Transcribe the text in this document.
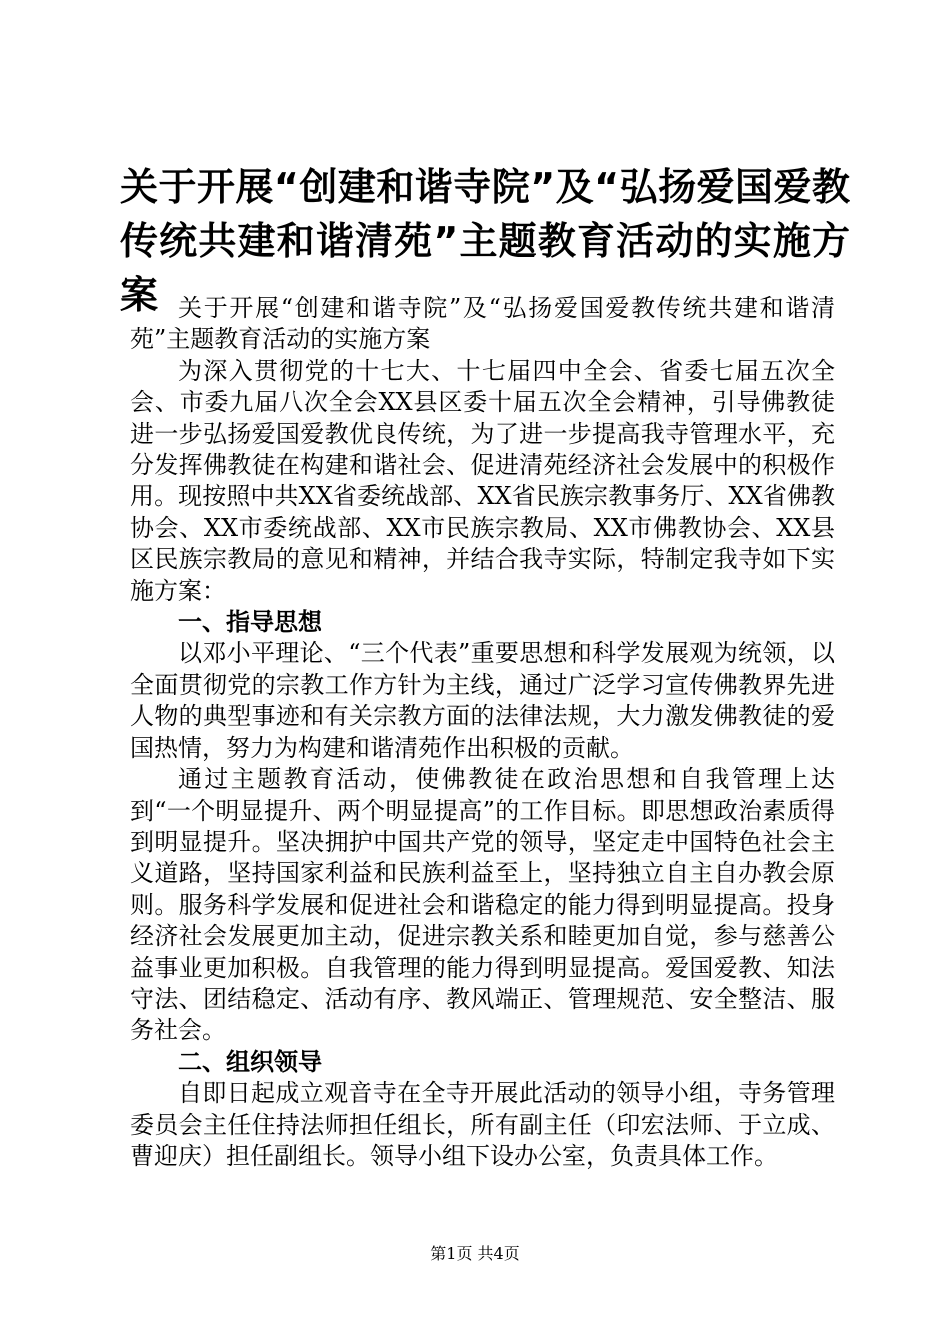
关于开展“创建和谐寺院”及“弘扬爱国爱教传统共建和谐清苑”主题教育活动的实施方案 关于开展“创建和谐寺院”及“弘扬爱国爱教传统共建和谐清苑”主题教育活动的实施方案

为深入贯彻党的十七大、十七届四中全会、省委七届五次全会、市委九届八次全会XX县区委十届五次全会精神，引导佛教徒进一步弘扬爱国爱教优良传统，为了进一步提高我寺管理水平，充分发挥佛教徒在构建和谐社会、促进清苑经济社会发展中的积极作用。现按照中共XX省委统战部、XX省民族宗教事务厅、XX省佛教协会、XX市委统战部、XX市民族宗教局、XX市佛教协会、XX县区民族宗教局的意见和精神，并结合我寺实际，特制定我寺如下实施方案：

一、指导思想

以邓小平理论、“三个代表”重要思想和科学发展观为统领，以全面贯彻党的宗教工作方针为主线，通过广泛学习宣传佛教界先进人物的典型事迹和有关宗教方面的法律法规，大力激发佛教徒的爱国热情，努力为构建和谐清苑作出积极的贡献。

通过主题教育活动，使佛教徒在政治思想和自我管理上达到“一个明显提升、两个明显提高”的工作目标。即思想政治素质得到明显提升。坚决拥护中国共产党的领导，坚定走中国特色社会主义道路，坚持国家利益和民族利益至上，坚持独立自主自办教会原则。服务科学发展和促进社会和谐稳定的能力得到明显提高。投身经济社会发展更加主动，促进宗教关系和睦更加自觉，参与慈善公益事业更加积极。自我管理的能力得到明显提高。爱国爱教、知法守法、团结稳定、活动有序、教风端正、管理规范、安全整洁、服务社会。

二、组织领导

自即日起成立观音寺在全寺开展此活动的领导小组，寺务管理委员会主任住持法师担任组长，所有副主任（印宏法师、于立成、曹迎庆）担任副组长。领导小组下设办公室，负责具体工作。

第1页 共4页
